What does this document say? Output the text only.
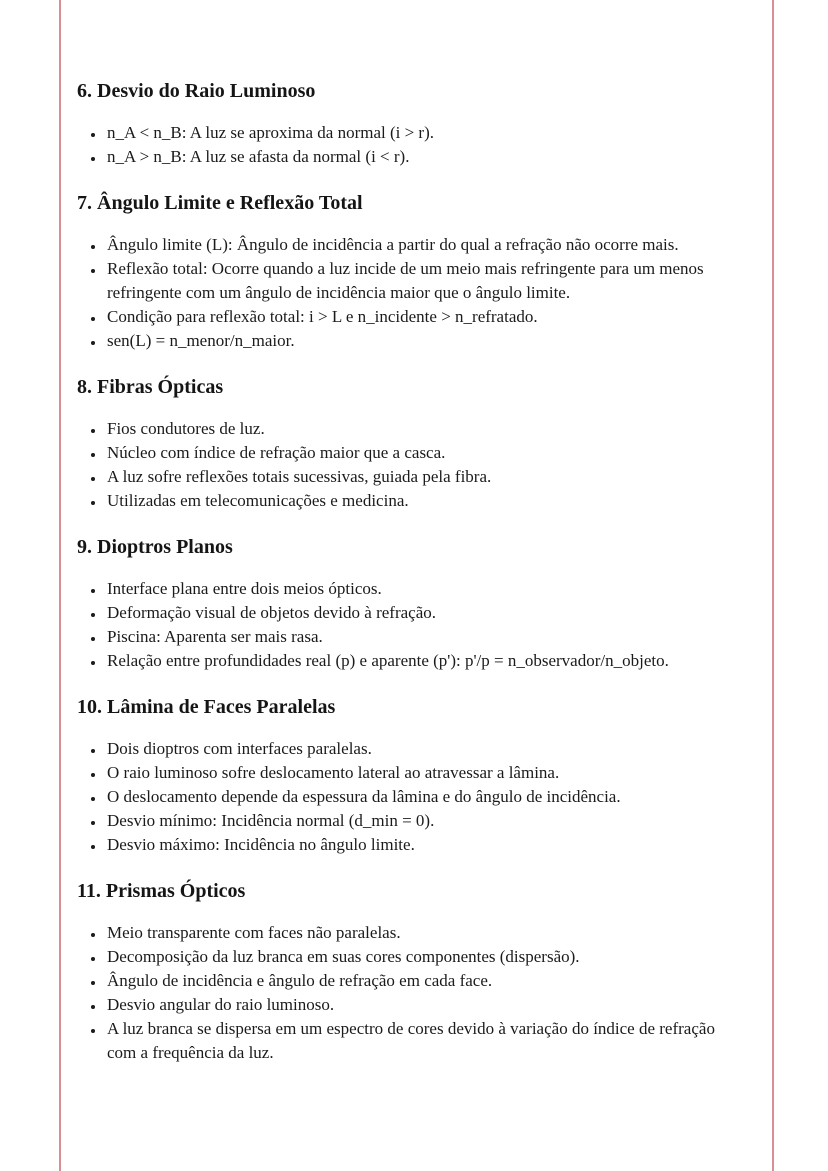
6. Desvio do Raio Luminoso
• n_A < n_B: A luz se aproxima da normal (i > r).
• n_A > n_B: A luz se afasta da normal (i < r).
7. Ângulo Limite e Reflexão Total
• Ângulo limite (L): Ângulo de incidência a partir do qual a refração não ocorre mais.
• Reflexão total: Ocorre quando a luz incide de um meio mais refringente para um menos refringente com um ângulo de incidência maior que o ângulo limite.
• Condição para reflexão total: i > L e n_incidente > n_refratado.
• sen(L) = n_menor/n_maior.
8. Fibras Ópticas
• Fios condutores de luz.
• Núcleo com índice de refração maior que a casca.
• A luz sofre reflexões totais sucessivas, guiada pela fibra.
• Utilizadas em telecomunicações e medicina.
9. Dioptros Planos
• Interface plana entre dois meios ópticos.
• Deformação visual de objetos devido à refração.
• Piscina: Aparenta ser mais rasa.
• Relação entre profundidades real (p) e aparente (p'): p'/p = n_observador/n_objeto.
10. Lâmina de Faces Paralelas
• Dois dioptros com interfaces paralelas.
• O raio luminoso sofre deslocamento lateral ao atravessar a lâmina.
• O deslocamento depende da espessura da lâmina e do ângulo de incidência.
• Desvio mínimo: Incidência normal (d_min = 0).
• Desvio máximo: Incidência no ângulo limite.
11. Prismas Ópticos
• Meio transparente com faces não paralelas.
• Decomposição da luz branca em suas cores componentes (dispersão).
• Ângulo de incidência e ângulo de refração em cada face.
• Desvio angular do raio luminoso.
• A luz branca se dispersa em um espectro de cores devido à variação do índice de refração com a frequência da luz.
